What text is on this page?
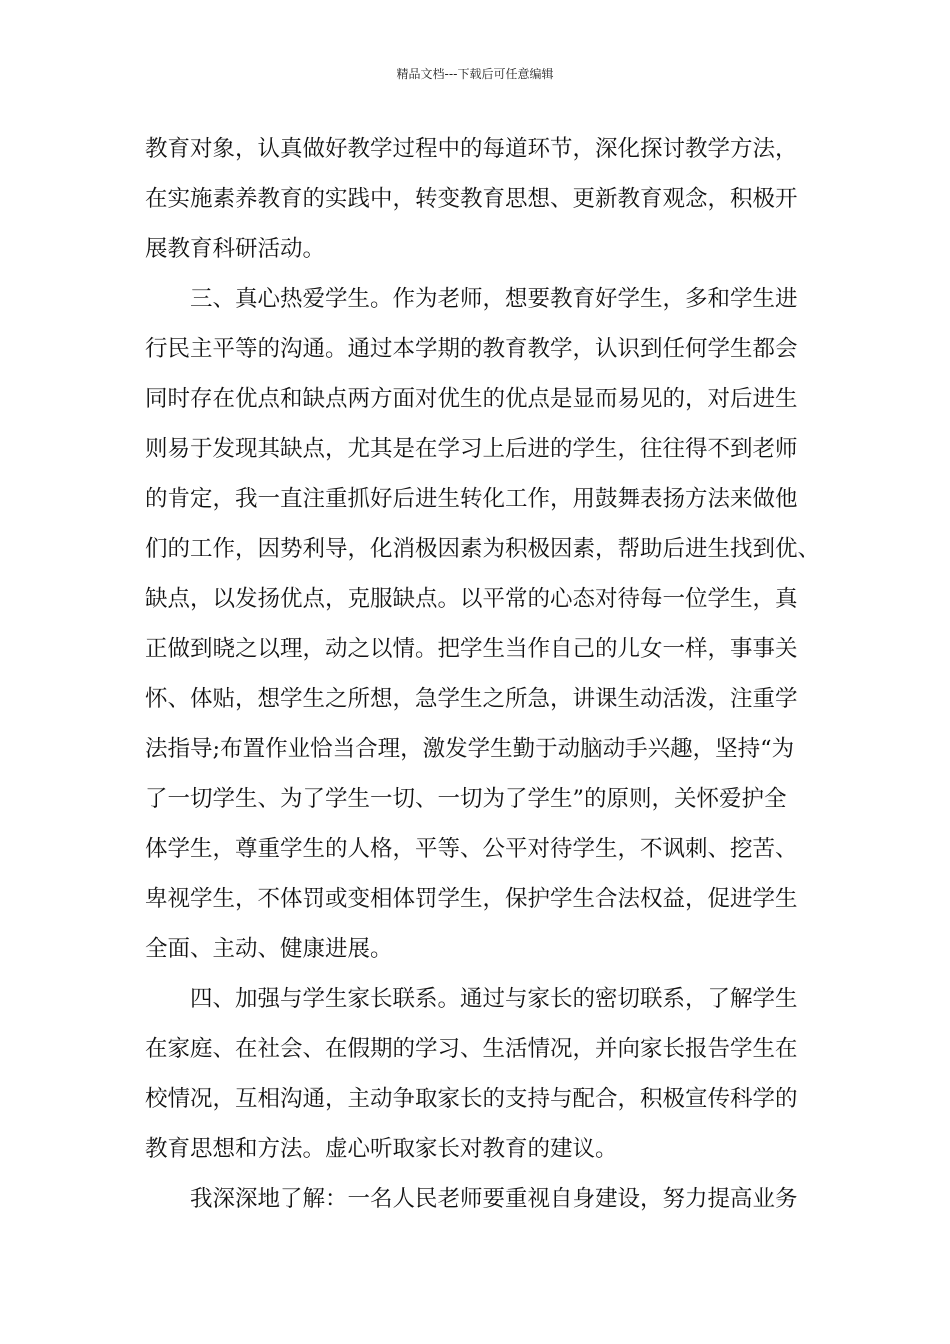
精品文档---下载后可任意编辑
教育对象，认真做好教学过程中的每道环节，深化探讨教学方法，
在实施素养教育的实践中，转变教育思想、更新教育观念，积极开
展教育科研活动。
三、真心热爱学生。作为老师，想要教育好学生，多和学生进
行民主平等的沟通。通过本学期的教育教学，认识到任何学生都会
同时存在优点和缺点两方面对优生的优点是显而易见的，对后进生
则易于发现其缺点，尤其是在学习上后进的学生，往往得不到老师
的肯定，我一直注重抓好后进生转化工作，用鼓舞表扬方法来做他
们的工作，因势利导，化消极因素为积极因素，帮助后进生找到优、
缺点，以发扬优点，克服缺点。以平常的心态对待每一位学生，真
正做到晓之以理，动之以情。把学生当作自己的儿女一样，事事关
怀、体贴，想学生之所想，急学生之所急，讲课生动活泼，注重学
法指导;布置作业恰当合理，激发学生勤于动脑动手兴趣，坚持“为
了一切学生、为了学生一切、一切为了学生”的原则，关怀爱护全
体学生，尊重学生的人格，平等、公平对待学生，不讽刺、挖苦、
卑视学生，不体罚或变相体罚学生，保护学生合法权益，促进学生
全面、主动、健康进展。
四、加强与学生家长联系。通过与家长的密切联系，了解学生
在家庭、在社会、在假期的学习、生活情况，并向家长报告学生在
校情况，互相沟通，主动争取家长的支持与配合，积极宣传科学的
教育思想和方法。虚心听取家长对教育的建议。
我深深地了解：一名人民老师要重视自身建设，努力提高业务
